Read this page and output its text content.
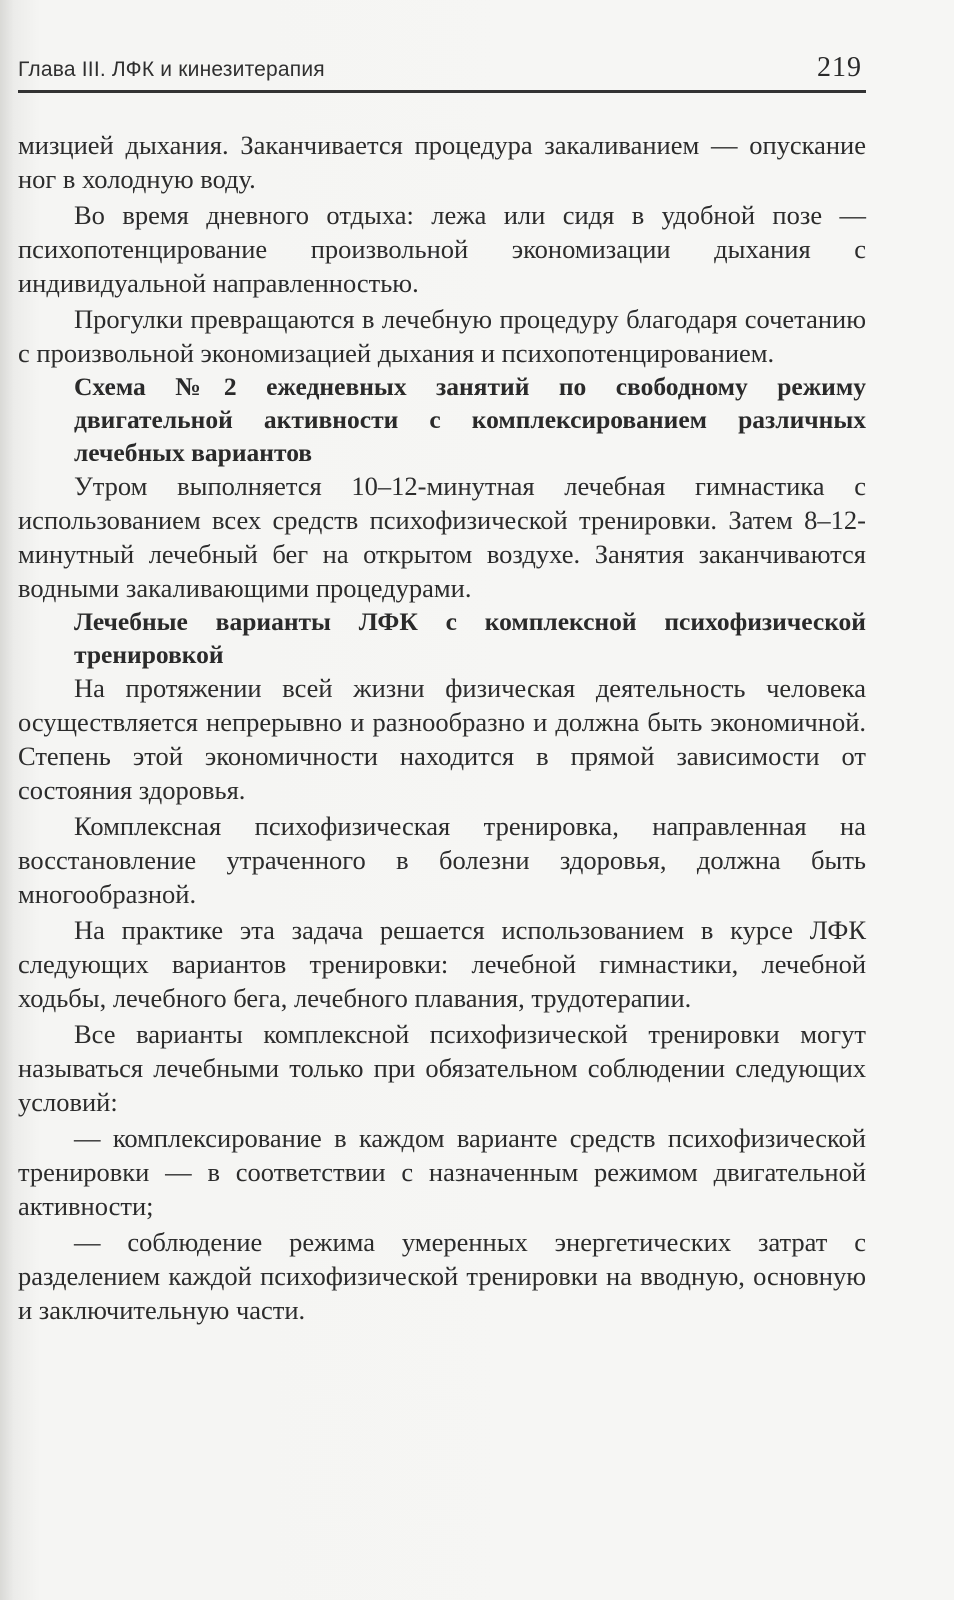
Глава III. ЛФК и кинезитерапия	219

мизцией дыхания. Заканчивается процедура закаливанием — опускание ног в холодную воду.

Во время дневного отдыха: лежа или сидя в удобной позе — психопотенцирование произвольной экономизации дыхания с индивидуальной направленностью.

Прогулки превращаются в лечебную процедуру благодаря сочетанию с произвольной экономизацией дыхания и психопотенцированием.

Схема №2 ежедневных занятий по свободному режиму двигательной активности с комплексированием различных лечебных вариантов

Утром выполняется 10–12-минутная лечебная гимнастика с использованием всех средств психофизической тренировки. Затем 8–12-минутный лечебный бег на открытом воздухе. Занятия заканчиваются водными закаливающими процедурами.

Лечебные варианты ЛФК с комплексной психофизической тренировкой

На протяжении всей жизни физическая деятельность человека осуществляется непрерывно и разнообразно и должна быть экономичной. Степень этой экономичности находится в прямой зависимости от состояния здоровья.

Комплексная психофизическая тренировка, направленная на восстановление утраченного в болезни здоровья, должна быть многообразной.

На практике эта задача решается использованием в курсе ЛФК следующих вариантов тренировки: лечебной гимнастики, лечебной ходьбы, лечебного бега, лечебного плавания, трудотерапии.

Все варианты комплексной психофизической тренировки могут называться лечебными только при обязательном соблюдении следующих условий:

— комплексирование в каждом варианте средств психофизической тренировки — в соответствии с назначенным режимом двигательной активности;

— соблюдение режима умеренных энергетических затрат с разделением каждой психофизической тренировки на вводную, основную и заключительную части.
